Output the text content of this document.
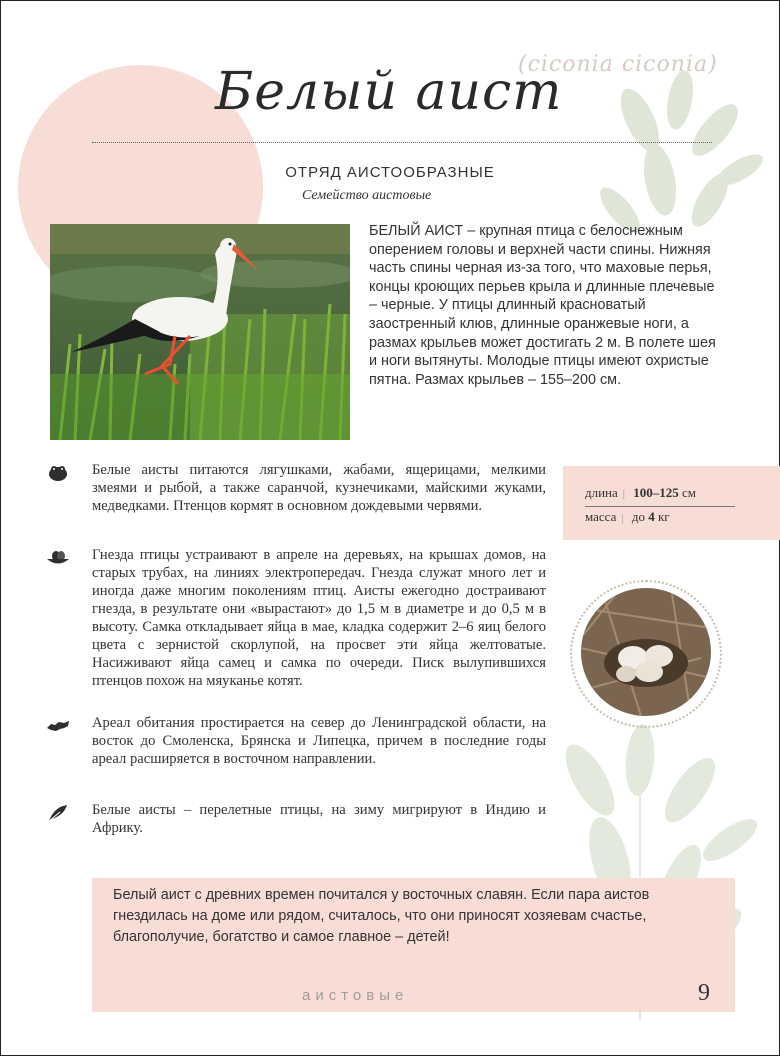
(ciconia ciconia)
Белый аист
ОТРЯД АИСТООБРАЗНЫЕ
Семейство аистовые
БЕЛЫЙ АИСТ – крупная птица с белоснежным оперением головы и верхней части спины. Нижняя часть спины черная из-за того, что маховые перья, концы кроющих перьев крыла и длинные плечевые – черные. У птицы длинный красноватый заостренный клюв, длинные оранжевые ноги, а размах крыльев может достигать 2 м. В полете шея и ноги вытянуты. Молодые птицы имеют охристые пятна. Размах крыльев – 155–200 см.
Белые аисты питаются лягушками, жабами, ящерицами, мелкими змеями и рыбой, а также саранчой, кузнечиками, майскими жуками, медведками. Птенцов кормят в основном дождевыми червями.
Гнезда птицы устраивают в апреле на деревьях, на крышах домов, на старых трубах, на линиях электропередач. Гнезда служат много лет и иногда даже многим поколениям птиц. Аисты ежегодно достраивают гнезда, в результате они «вырастают» до 1,5 м в диаметре и до 0,5 м в высоту. Самка откладывает яйца в мае, кладка содержит 2–6 яиц белого цвета с зернистой скорлупой, на просвет эти яйца желтоватые. Насиживают яйца самец и самка по очереди. Писк вылупившихся птенцов похож на мяуканье котят.
Ареал обитания простирается на север до Ленинградской области, на восток до Смоленска, Брянска и Липецка, причем в последние годы ареал расширяется в восточном направлении.
Белые аисты – перелетные птицы, на зиму мигрируют в Индию и Африку.
длина | 100–125 см
масса | до 4 кг
Белый аист с древних времен почитался у восточных славян. Если пара аистов гнездилась на доме или рядом, считалось, что они приносят хозяевам счастье, благополучие, богатство и самое главное – детей!
аистовые	9
